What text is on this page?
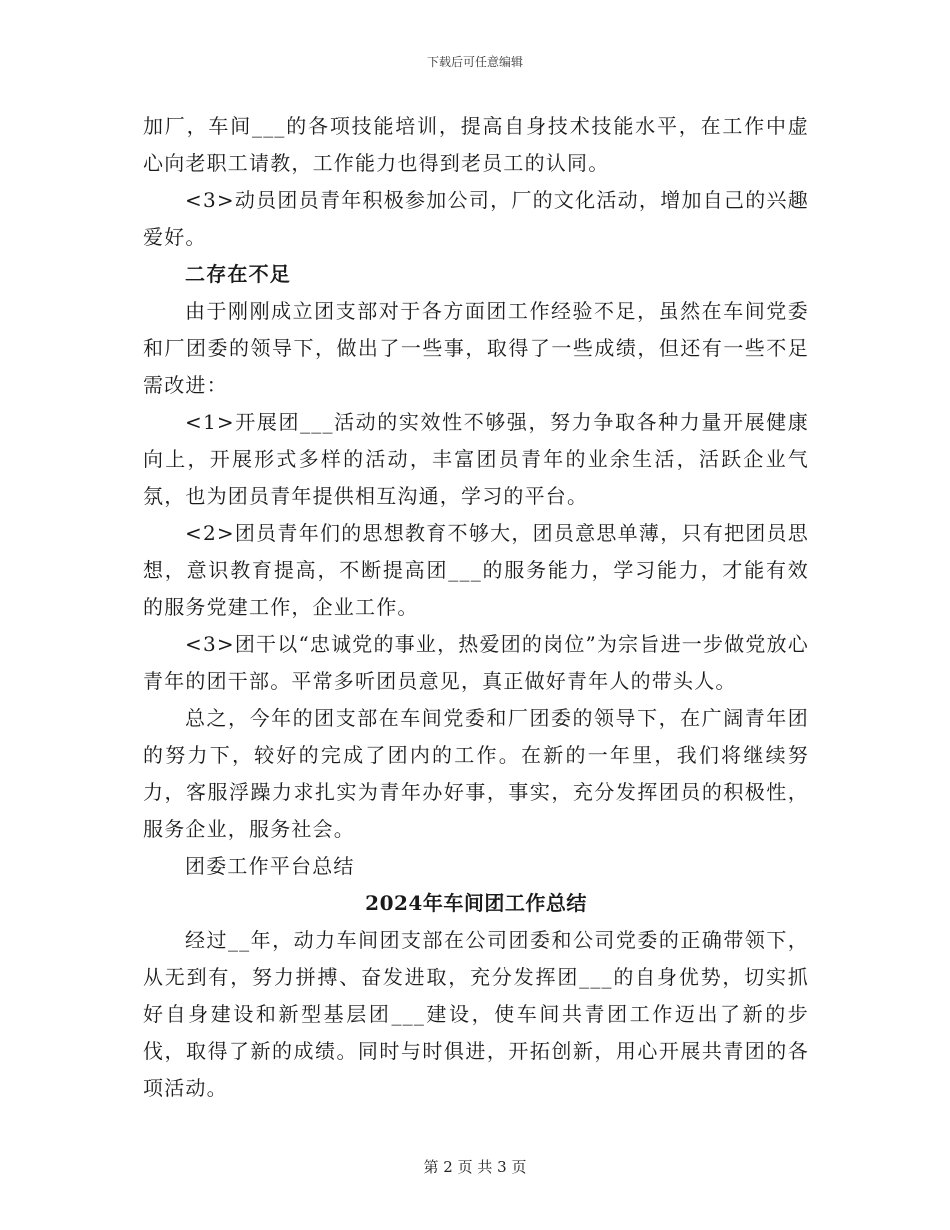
下载后可任意编辑

加厂，车间___的各项技能培训，提高自身技术技能水平，在工作中虚心向老职工请教，工作能力也得到老员工的认同。

<3>动员团员青年积极参加公司，厂的文化活动，增加自己的兴趣爱好。

二存在不足

由于刚刚成立团支部对于各方面团工作经验不足，虽然在车间党委和厂团委的领导下，做出了一些事，取得了一些成绩，但还有一些不足需改进：

<1>开展团___活动的实效性不够强，努力争取各种力量开展健康向上，开展形式多样的活动，丰富团员青年的业余生活，活跃企业气氛，也为团员青年提供相互沟通，学习的平台。

<2>团员青年们的思想教育不够大，团员意思单薄，只有把团员思想，意识教育提高，不断提高团___的服务能力，学习能力，才能有效的服务党建工作，企业工作。

<3>团干以“忠诚党的事业，热爱团的岗位”为宗旨进一步做党放心青年的团干部。平常多听团员意见，真正做好青年人的带头人。

总之，今年的团支部在车间党委和厂团委的领导下，在广阔青年团的努力下，较好的完成了团内的工作。在新的一年里，我们将继续努力，客服浮躁力求扎实为青年办好事，事实，充分发挥团员的积极性，服务企业，服务社会。

团委工作平台总结

2024年车间团工作总结

经过__年，动力车间团支部在公司团委和公司党委的正确带领下，从无到有，努力拼搏、奋发进取，充分发挥团___的自身优势，切实抓好自身建设和新型基层团___建设，使车间共青团工作迈出了新的步伐，取得了新的成绩。同时与时俱进，开拓创新，用心开展共青团的各项活动。

第 2 页 共 3 页
